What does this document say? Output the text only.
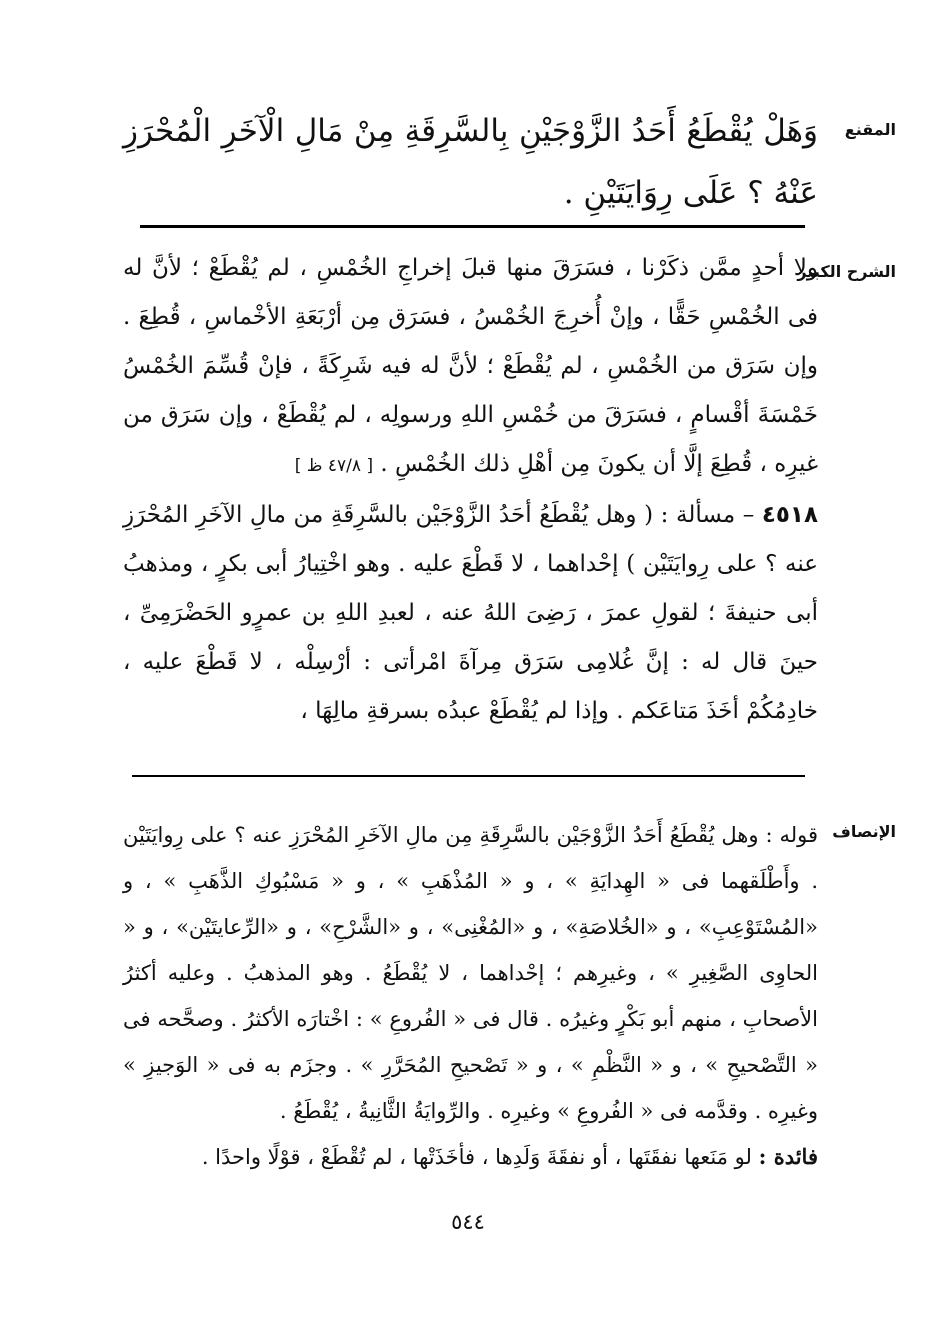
المقنع

وَهَلْ يُقْطَعُ أَحَدُ الزَّوْجَيْنِ بِالسَّرِقَةِ مِنْ مَالِ الْآخَرِ الْمُحْرَزِ عَنْهُ ؟ عَلَى رِوَايَتَيْنِ .

الشرح الكبير

ولا أحدٍ ممَّن ذكَرْنا ، فسَرَقَ منها قبلَ إخراجِ الخُمْسِ ، لم يُقْطَعْ ؛ لأنَّ له فى الخُمْسِ حَقًّا ، وإنْ أُخرِجَ الخُمْسُ ، فسَرَق مِن أرْبَعَةِ الأخْماسِ ، قُطِعَ . وإن سَرَق من الخُمْسِ ، لم يُقْطَعْ ؛ لأنَّ له فيه شَرِكَةً ، فإنْ قُسِّمَ الخُمْسُ خَمْسَةَ أقْسامٍ ، فسَرَقَ من خُمْسِ اللهِ ورسولِه ، لم يُقْطَعْ ، وإن سَرَق من غيرِه ، قُطِعَ إلَّا أن يكونَ مِن أهْلِ ذلك الخُمْسِ . [ ٤٧/٨ ظ ]

٤٥١٨ – مسألة : ( وهل يُقْطَعُ أحَدُ الزَّوْجَيْن بالسَّرِقَةِ من مالِ الآخَرِ المُحْرَزِ عنه ؟ على رِوايَتَيْن ) إحْداهما ، لا قَطْعَ عليه . وهو اخْتِيارُ أبى بكرٍ ، ومذهبُ أبى حنيفةَ ؛ لقولِ عمرَ ، رَضِىَ اللهُ عنه ، لعبدِ اللهِ بن عمرٍو الحَضْرَمِىِّ ، حينَ قال له : إنَّ غُلامِى سَرَق مِرآةَ امْرأتى : أرْسِلْه ، لا قَطْعَ عليه ، خادِمُكُمْ أخَذَ مَتاعَكم . وإذا لم يُقْطَعْ عبدُه بسرقةِ مالِهَا ،

الإنصاف

قوله : وهل يُقْطَعُ أَحَدُ الزَّوْجَيْن بالسَّرِقَةِ مِن مالِ الآخَرِ المُحْرَزِ عنه ؟ على رِوايَتَيْن . وأَطْلَقهما فى « الهِدايَةِ » ، و « المُذْهَبِ » ، و « مَسْبُوكِ الذَّهَبِ » ، و «المُسْتَوْعِبِ» ، و «الخُلاصَةِ» ، و «المُغْنِى» ، و «الشَّرْحِ» ، و «الرِّعايتَيْن» ، و « الحاوِى الصَّغِيرِ » ، وغيرِهم ؛ إحْداهما ، لا يُقْطَعُ . وهو المذهبُ . وعليه أكثرُ الأصحابِ ، منهم أبو بَكْرٍ وغيرُه . قال فى « الفُروعِ » : اخْتارَه الأكثرُ . وصحَّحه فى « التَّصْحيحِ » ، و « النَّظْمِ » ، و « تَصْحيحِ المُحَرَّرِ » . وجزَم به فى « الوَجيزِ » وغيرِه . وقدَّمه فى « الفُروعِ » وغيرِه . والرِّوايَةُ الثَّانِيةُ ، يُقْطَعُ .

فائدة : لو مَنَعها نفقَتَها ، أو نفقَةَ وَلَدِها ، فأخَذَتْها ، لم تُقْطَعْ ، قوْلًا واحدًا .

٥٤٤
